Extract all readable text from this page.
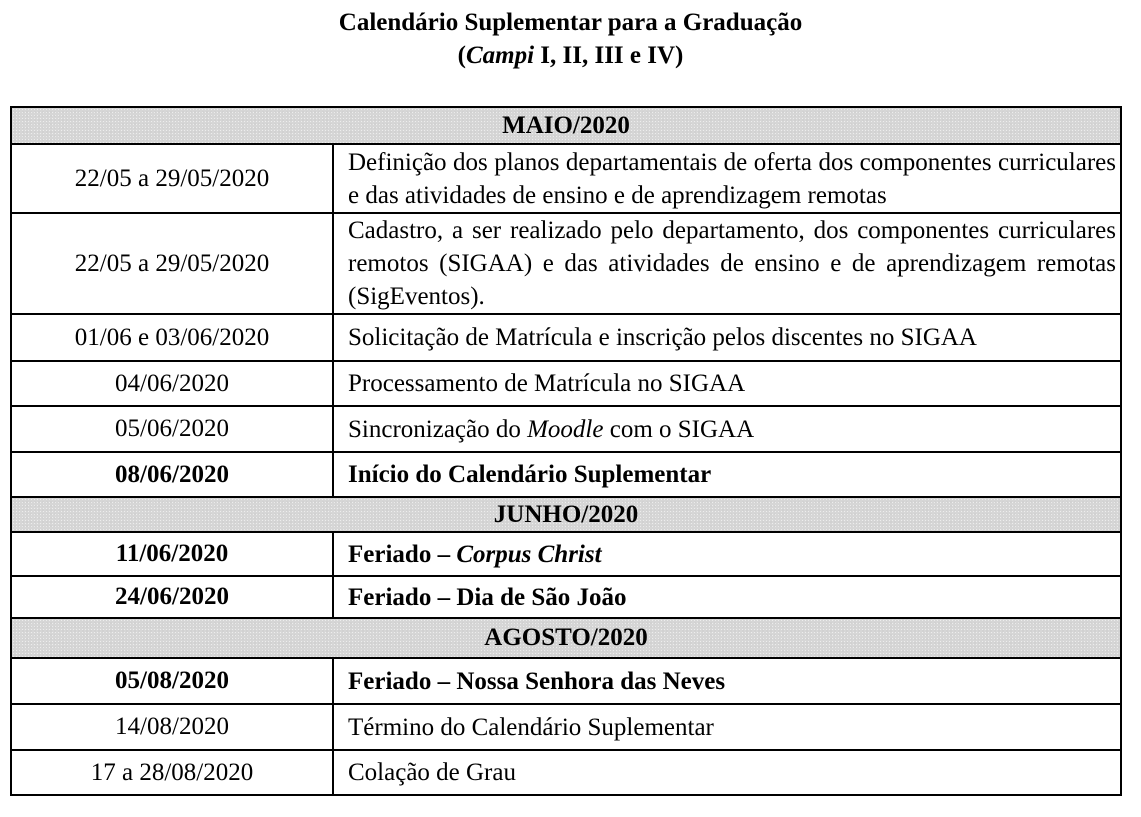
Calendário Suplementar para a Graduação
(Campi I, II, III e IV)
MAIO/2020	
22/05 a 29/05/2020	Definição dos planos departamentais de oferta dos componentes curriculares e das atividades de ensino e de aprendizagem remotas
22/05 a 29/05/2020	Cadastro, a ser realizado pelo departamento, dos componentes curriculares remotos (SIGAA) e das atividades de ensino e de aprendizagem remotas (SigEventos).
01/06 e 03/06/2020	Solicitação de Matrícula e inscrição pelos discentes no SIGAA
04/06/2020	Processamento de Matrícula no SIGAA
05/06/2020	Sincronização do Moodle com o SIGAA
08/06/2020	Início do Calendário Suplementar
JUNHO/2020	
11/06/2020	Feriado – Corpus Christ
24/06/2020	Feriado – Dia de São João
AGOSTO/2020	
05/08/2020	Feriado – Nossa Senhora das Neves
14/08/2020	Término do Calendário Suplementar
17 a 28/08/2020	Colação de Grau
